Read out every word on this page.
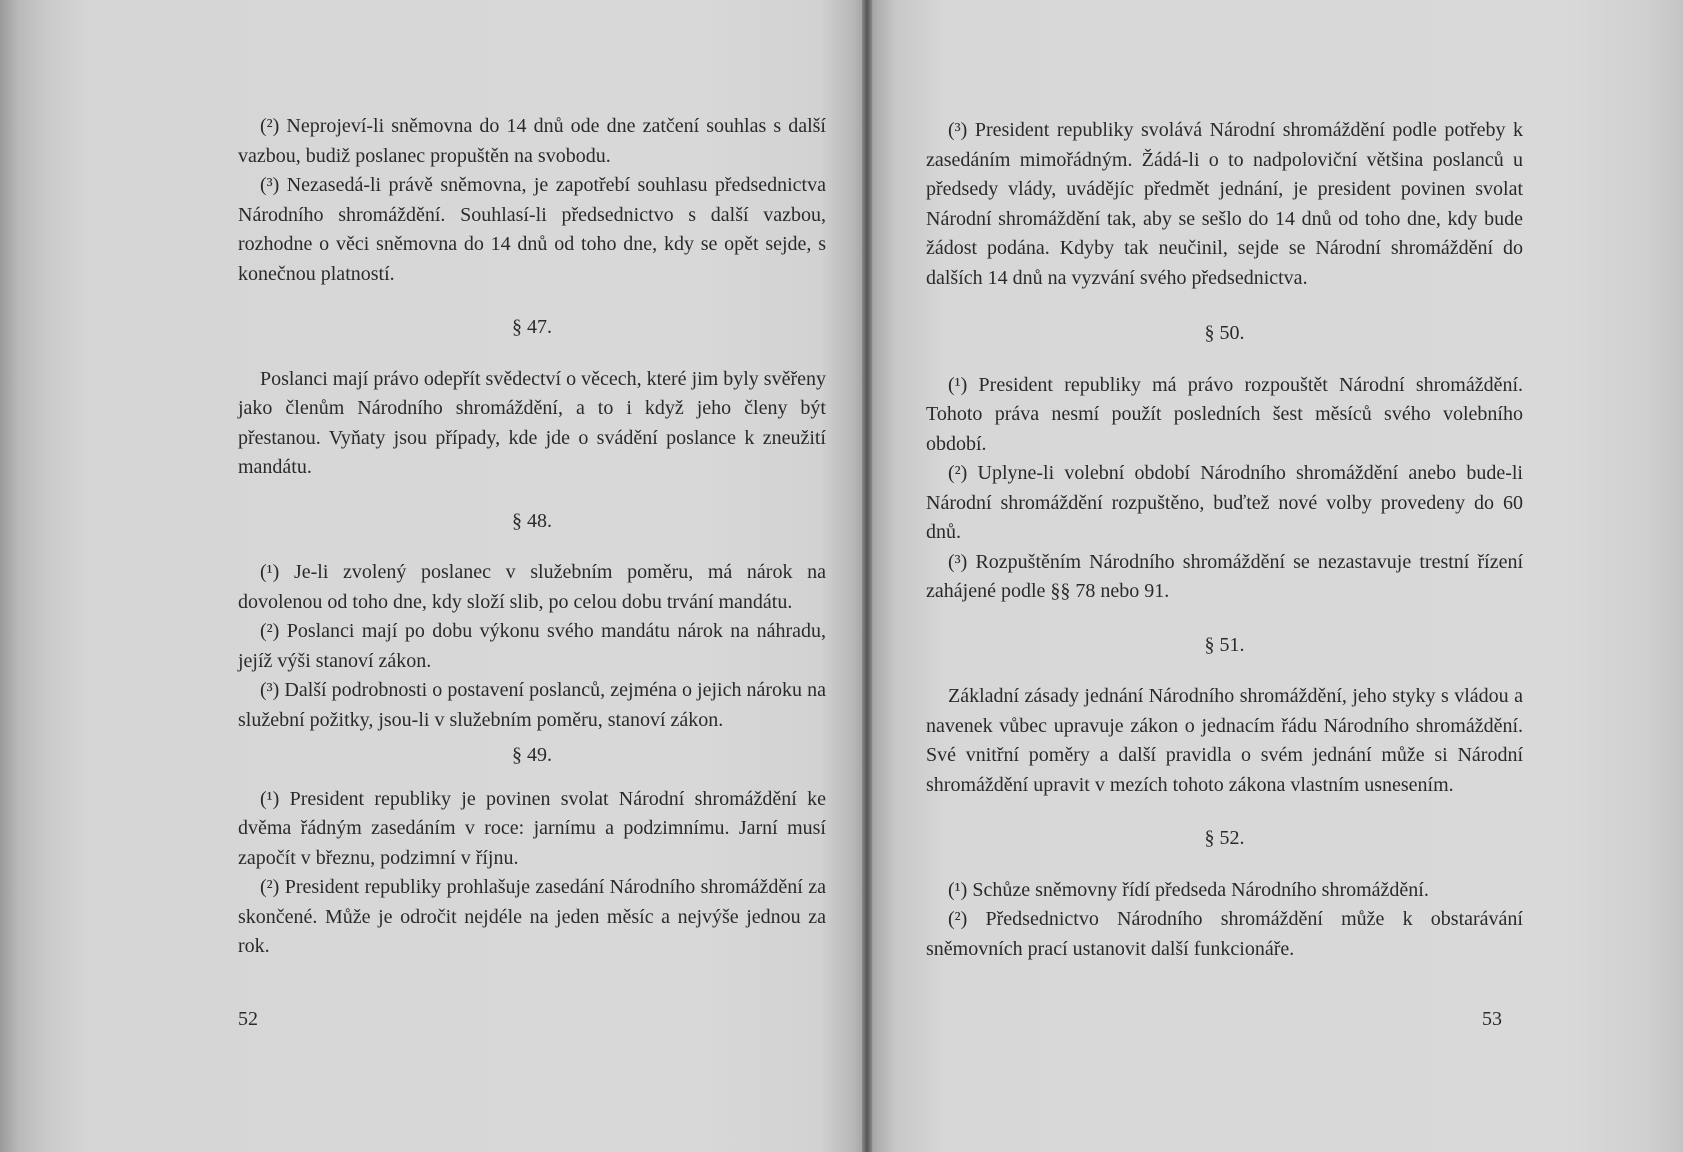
(²) Neprojeví-li sněmovna do 14 dnů ode dne zatčení souhlas s další vazbou, budiž poslanec propuštěn na svobodu.

(³) Nezasedá-li právě sněmovna, je zapotřebí souhlasu předsednictva Národního shromáždění. Souhlasí-li předsednictvo s další vazbou, rozhodne o věci sněmovna do 14 dnů od toho dne, kdy se opět sejde, s konečnou platností.

§ 47.

Poslanci mají právo odepřít svědectví o věcech, které jim byly svěřeny jako členům Národního shromáždění, a to i když jeho členy být přestanou. Vyňaty jsou případy, kde jde o svádění poslance k zneužití mandátu.

§ 48.

(¹) Je-li zvolený poslanec v služebním poměru, má nárok na dovolenou od toho dne, kdy složí slib, po celou dobu trvání mandátu.

(²) Poslanci mají po dobu výkonu svého mandátu nárok na náhradu, jejíž výši stanoví zákon.

(³) Další podrobnosti o postavení poslanců, zejména o jejich nároku na služební požitky, jsou-li v služebním poměru, stanoví zákon.

§ 49.

(¹) President republiky je povinen svolat Národní shromáždění ke dvěma řádným zasedáním v roce: jarnímu a podzimnímu. Jarní musí započít v březnu, podzimní v říjnu.

(²) President republiky prohlašuje zasedání Národního shromáždění za skončené. Může je odročit nejdéle na jeden měsíc a nejvýše jednou za rok.

52

(³) President republiky svolává Národní shromáždění podle potřeby k zasedáním mimořádným. Žádá-li o to nadpoloviční většina poslanců u předsedy vlády, uvádějíc předmět jednání, je president povinen svolat Národní shromáždění tak, aby se sešlo do 14 dnů od toho dne, kdy bude žádost podána. Kdyby tak neučinil, sejde se Národní shromáždění do dalších 14 dnů na vyzvání svého předsednictva.

§ 50.

(¹) President republiky má právo rozpouštět Národní shromáždění. Tohoto práva nesmí použít posledních šest měsíců svého volebního období.

(²) Uplyne-li volební období Národního shromáždění anebo bude-li Národní shromáždění rozpuštěno, buďtež nové volby provedeny do 60 dnů.

(³) Rozpuštěním Národního shromáždění se nezastavuje trestní řízení zahájené podle §§ 78 nebo 91.

§ 51.

Základní zásady jednání Národního shromáždění, jeho styky s vládou a navenek vůbec upravuje zákon o jednacím řádu Národního shromáždění. Své vnitřní poměry a další pravidla o svém jednání může si Národní shromáždění upravit v mezích tohoto zákona vlastním usnesením.

§ 52.

(¹) Schůze sněmovny řídí předseda Národního shromáždění.

(²) Předsednictvo Národního shromáždění může k obstarávání sněmovních prací ustanovit další funkcionáře.

53
